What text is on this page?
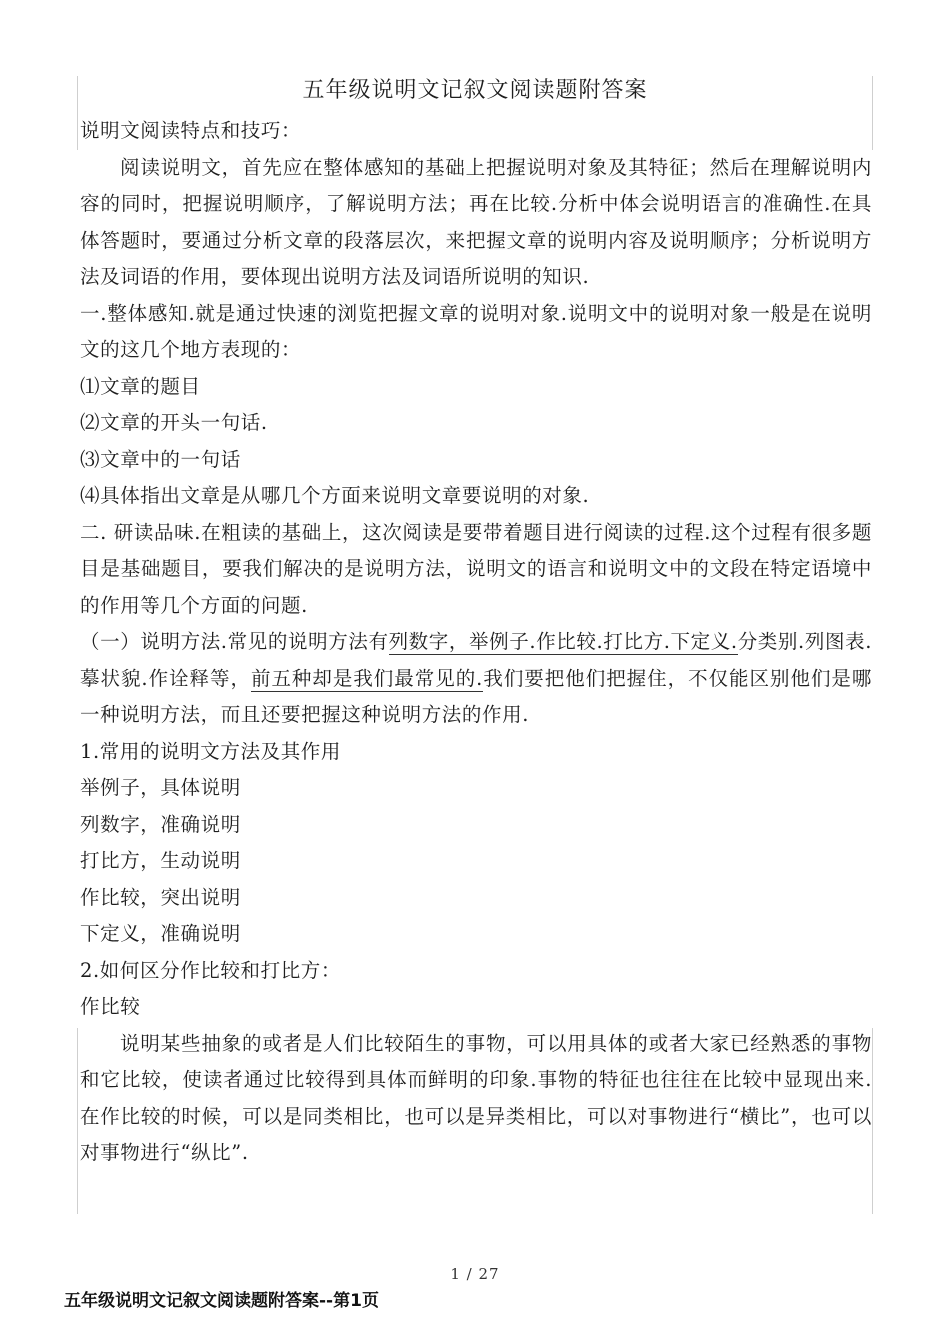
五年级说明文记叙文阅读题附答案

说明文阅读特点和技巧：

阅读说明文，首先应在整体感知的基础上把握说明对象及其特征；然后在理解说明内容的同时，把握说明顺序，了解说明方法；再在比较.分析中体会说明语言的准确性.在具体答题时，要通过分析文章的段落层次，来把握文章的说明内容及说明顺序；分析说明方法及词语的作用，要体现出说明方法及词语所说明的知识.

一.整体感知.就是通过快速的浏览把握文章的说明对象.说明文中的说明对象一般是在说明文的这几个地方表现的：

⑴文章的题目

⑵文章的开头一句话.

⑶文章中的一句话

⑷具体指出文章是从哪几个方面来说明文章要说明的对象.

二. 研读品味.在粗读的基础上，这次阅读是要带着题目进行阅读的过程.这个过程有很多题目是基础题目，要我们解决的是说明方法，说明文的语言和说明文中的文段在特定语境中的作用等几个方面的问题.

（一）说明方法.常见的说明方法有列数字，举例子.作比较.打比方.下定义.分类别.列图表.摹状貌.作诠释等，前五种却是我们最常见的.我们要把他们把握住，不仅能区别他们是哪一种说明方法，而且还要把握这种说明方法的作用.

1.常用的说明文方法及其作用

举例子，具体说明

列数字，准确说明

打比方，生动说明

作比较，突出说明

下定义，准确说明

2.如何区分作比较和打比方：

作比较

说明某些抽象的或者是人们比较陌生的事物，可以用具体的或者大家已经熟悉的事物和它比较，使读者通过比较得到具体而鲜明的印象.事物的特征也往往在比较中显现出来.在作比较的时候，可以是同类相比，也可以是异类相比，可以对事物进行“横比”，也可以对事物进行“纵比”.

1 / 27
五年级说明文记叙文阅读题附答案--第1页
